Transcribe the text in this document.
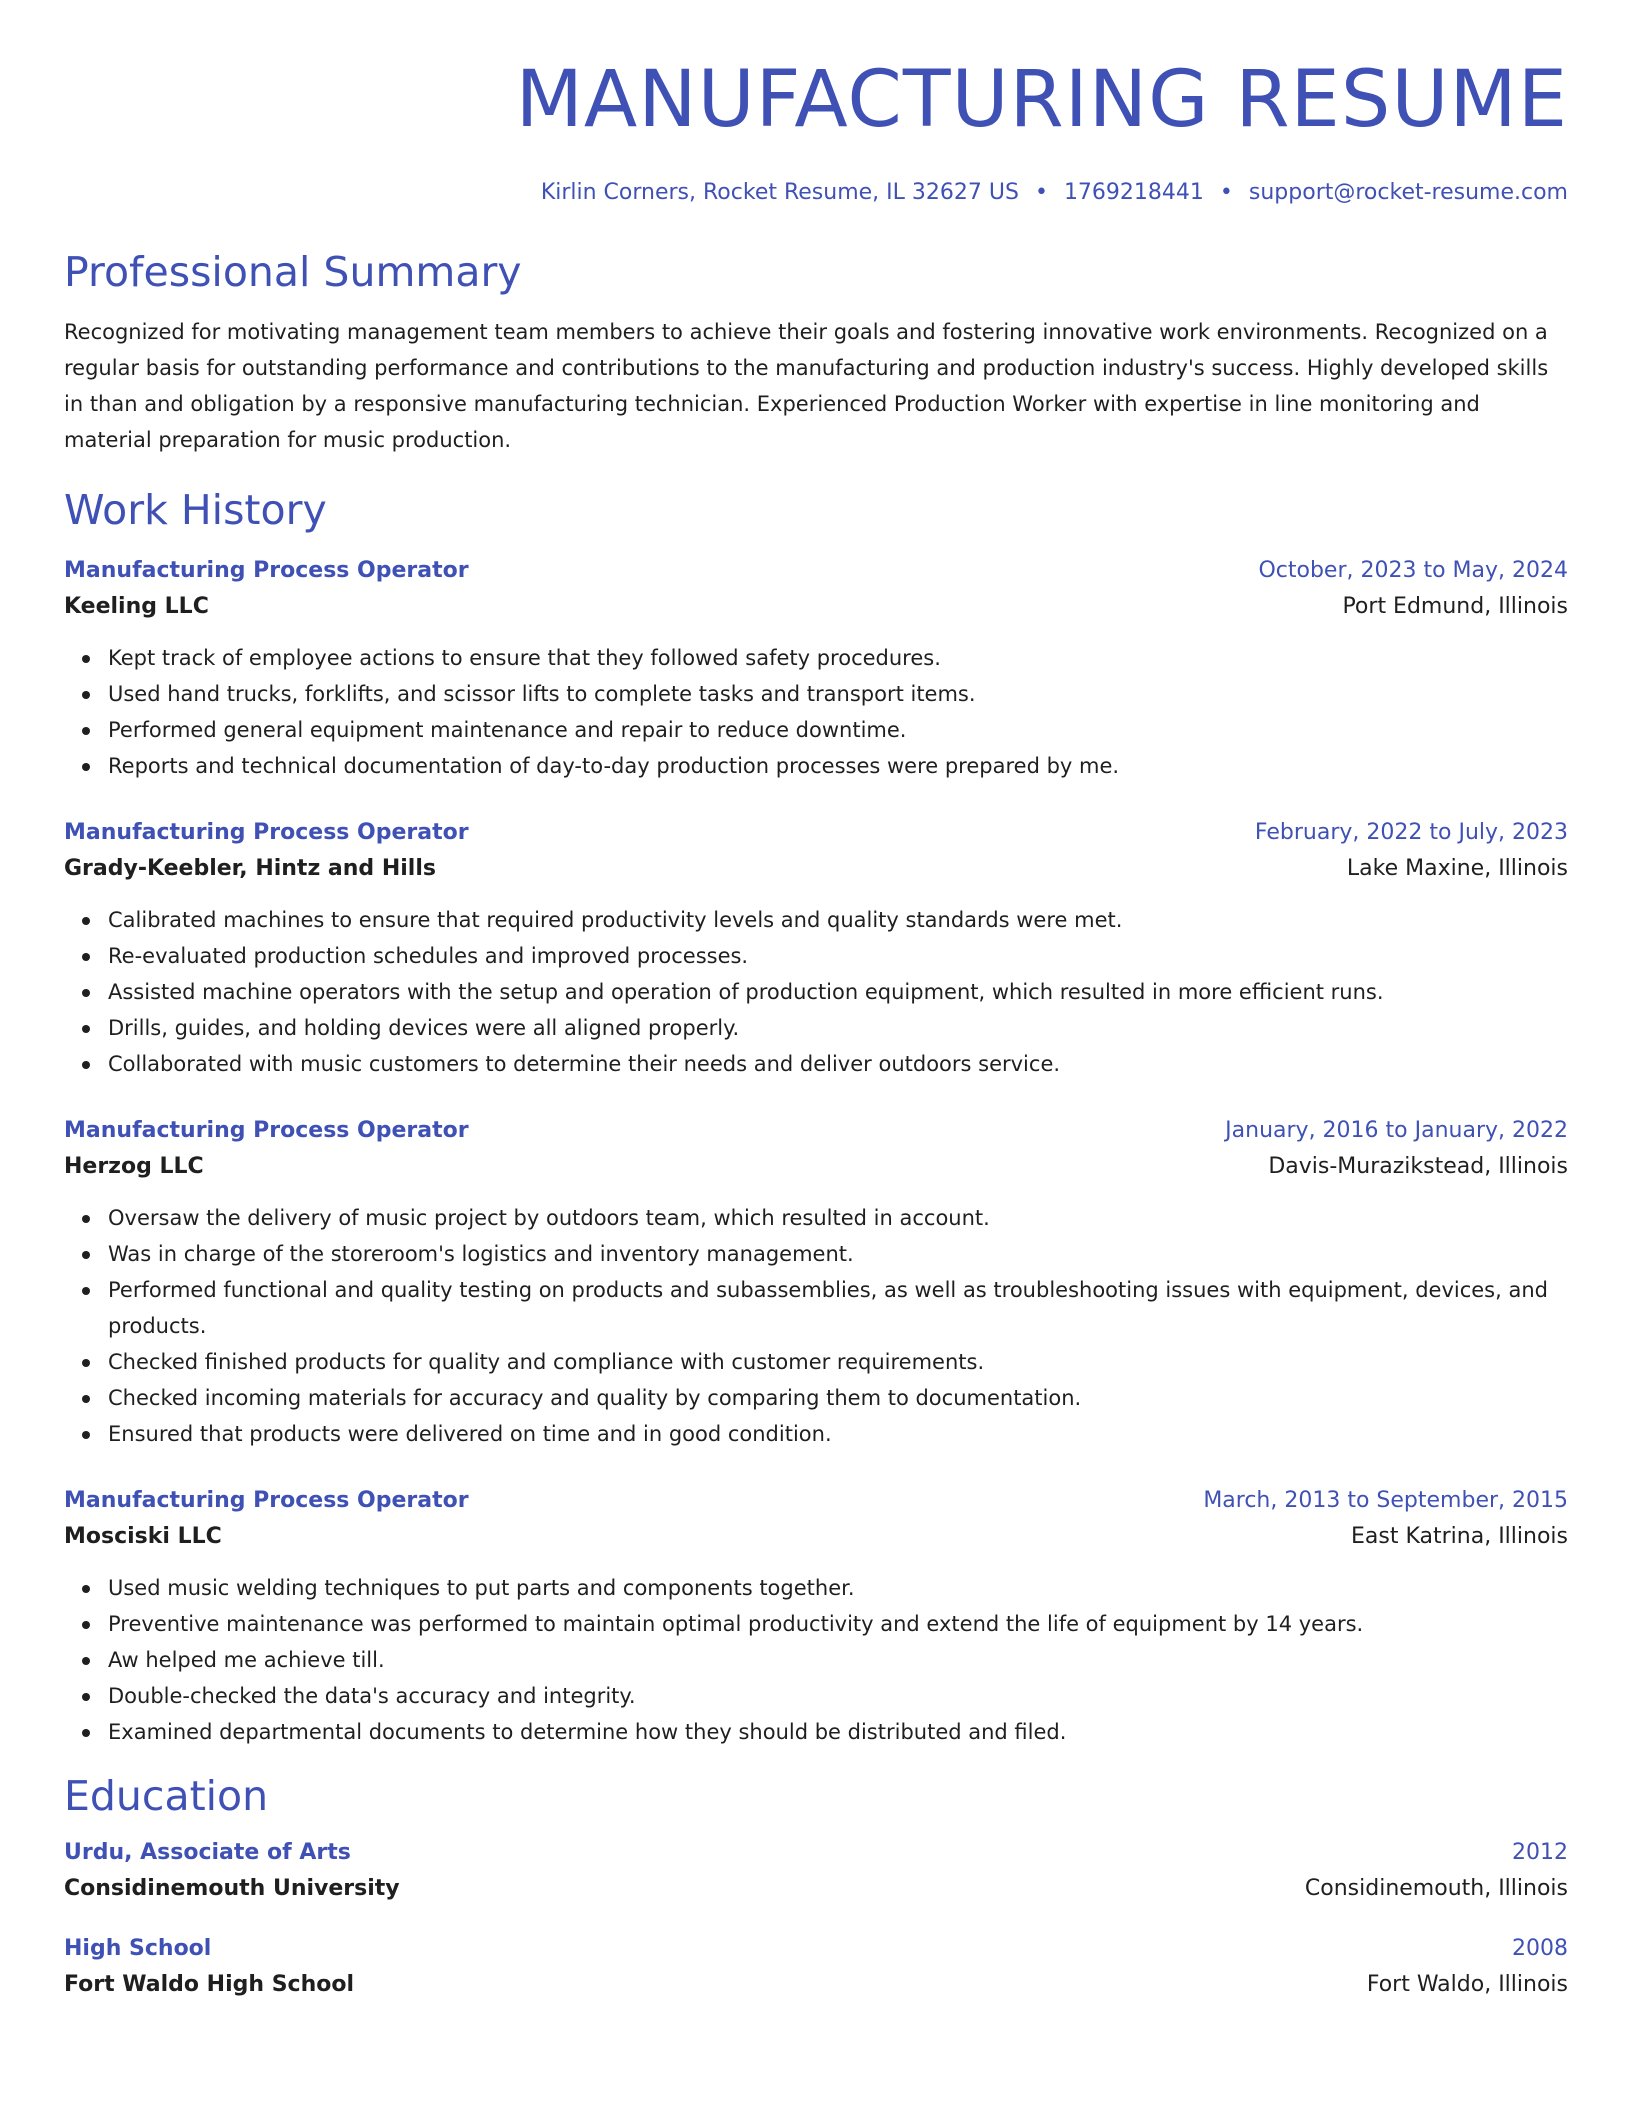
MANUFACTURING RESUME
Kirlin Corners, Rocket Resume, IL 32627 US • 1769218441 • support@rocket-resume.com
Professional Summary

Recognized for motivating management team members to achieve their goals and fostering innovative work environments. Recognized on a regular basis for outstanding performance and contributions to the manufacturing and production industry's success. Highly developed skills in than and obligation by a responsive manufacturing technician. Experienced Production Worker with expertise in line monitoring and material preparation for music production.

Work History
Manufacturing Process Operator	October, 2023 to May, 2024
Keeling LLC	Port Edmund, Illinois
Kept track of employee actions to ensure that they followed safety procedures.
Used hand trucks, forklifts, and scissor lifts to complete tasks and transport items.
Performed general equipment maintenance and repair to reduce downtime.
Reports and technical documentation of day-to-day production processes were prepared by me.
Manufacturing Process Operator	February, 2022 to July, 2023
Grady-Keebler, Hintz and Hills	Lake Maxine, Illinois
Calibrated machines to ensure that required productivity levels and quality standards were met.
Re-evaluated production schedules and improved processes.
Assisted machine operators with the setup and operation of production equipment, which resulted in more efficient runs.
Drills, guides, and holding devices were all aligned properly.
Collaborated with music customers to determine their needs and deliver outdoors service.
Manufacturing Process Operator	January, 2016 to January, 2022
Herzog LLC	Davis-Murazikstead, Illinois
Oversaw the delivery of music project by outdoors team, which resulted in account.
Was in charge of the storeroom's logistics and inventory management.
Performed functional and quality testing on products and subassemblies, as well as troubleshooting issues with equipment, devices, and products.
Checked finished products for quality and compliance with customer requirements.
Checked incoming materials for accuracy and quality by comparing them to documentation.
Ensured that products were delivered on time and in good condition.
Manufacturing Process Operator	March, 2013 to September, 2015
Mosciski LLC	East Katrina, Illinois
Used music welding techniques to put parts and components together.
Preventive maintenance was performed to maintain optimal productivity and extend the life of equipment by 14 years.
Aw helped me achieve till.
Double-checked the data's accuracy and integrity.
Examined departmental documents to determine how they should be distributed and filed.
Education
Urdu, Associate of Arts	2012
Considinemouth University	Considinemouth, Illinois
High School	2008
Fort Waldo High School	Fort Waldo, Illinois
